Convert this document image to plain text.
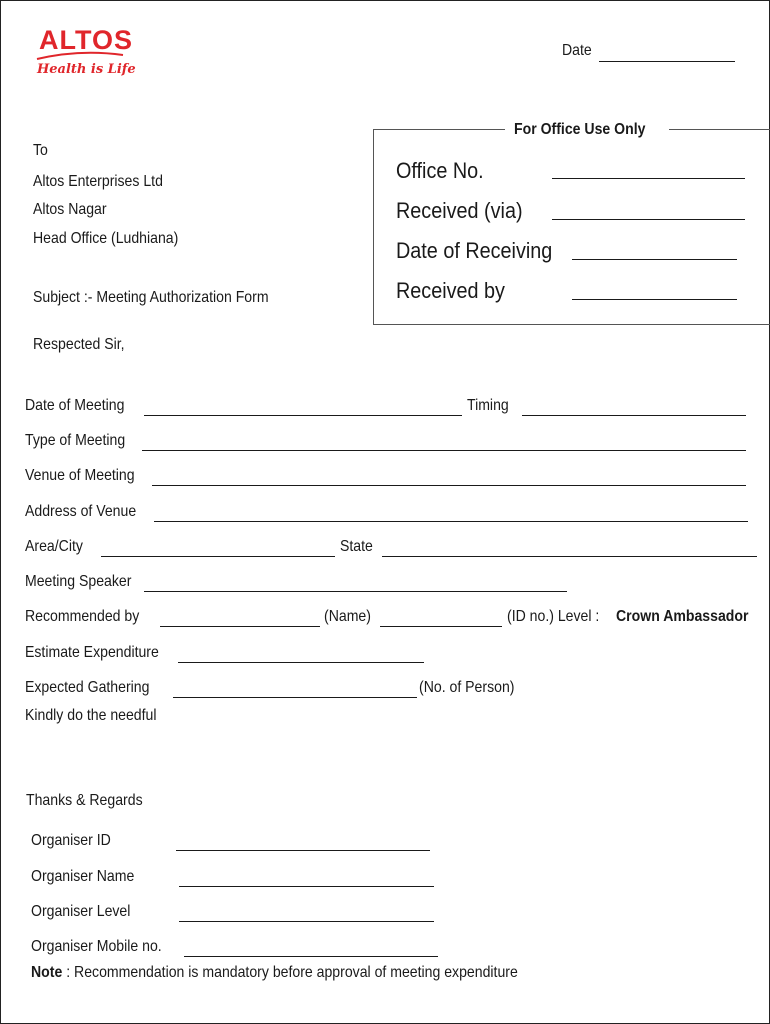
ALTOS
Health is Life
Date
For Office Use Only
Office No.
Received (via)
Date of Receiving
Received by
To
Altos Enterprises Ltd
Altos Nagar
Head Office (Ludhiana)
Subject :- Meeting Authorization Form
Respected Sir,
Date of Meeting	Timing
Type of Meeting
Venue of Meeting
Address of Venue
Area/City	State
Meeting Speaker
Recommended by	(Name)	(ID no.) Level : Crown Ambassador
Estimate Expenditure
Expected Gathering	(No. of Person)
Kindly do the needful
Thanks & Regards
Organiser ID
Organiser Name
Organiser Level
Organiser Mobile no.
Note : Recommendation is mandatory before approval of meeting expenditure
